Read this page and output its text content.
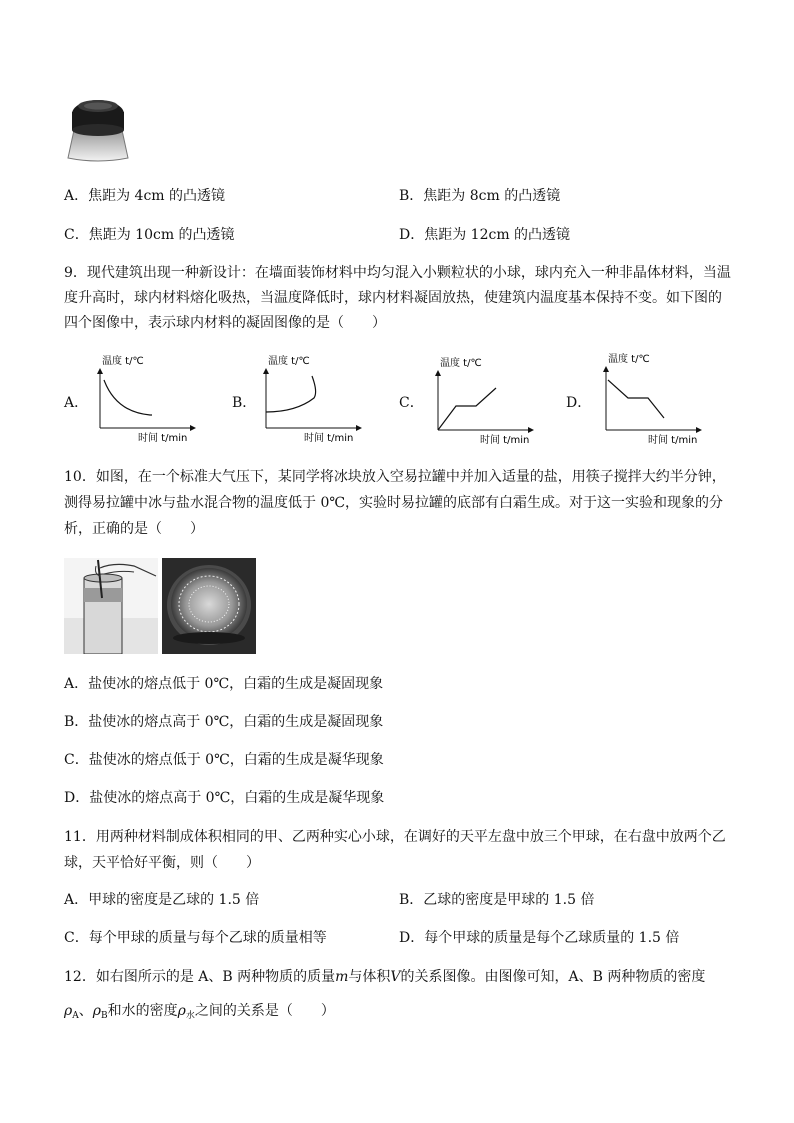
A．焦距为 4cm 的凸透镜	B．焦距为 8cm 的凸透镜
C．焦距为 10cm 的凸透镜	D．焦距为 12cm 的凸透镜
9．现代建筑出现一种新设计：在墙面装饰材料中均匀混入小颗粒状的小球，球内充入一种非晶体材料，当温
度升高时，球内材料熔化吸热，当温度降低时，球内材料凝固放热，使建筑内温度基本保持不变。如下图的
四个图像中，表示球内材料的凝固图像的是（　　）
A．
温度 t/℃
时间 t/min
B．
温度 t/℃
时间 t/min
C．
温度 t/℃
时间 t/min
D．
温度 t/℃
时间 t/min
10．如图，在一个标准大气压下，某同学将冰块放入空易拉罐中并加入适量的盐，用筷子搅拌大约半分钟，
测得易拉罐中冰与盐水混合物的温度低于 0℃，实验时易拉罐的底部有白霜生成。对于这一实验和现象的分
析，正确的是（　　）
A．盐使冰的熔点低于 0℃，白霜的生成是凝固现象
B．盐使冰的熔点高于 0℃，白霜的生成是凝固现象
C．盐使冰的熔点低于 0℃，白霜的生成是凝华现象
D．盐使冰的熔点高于 0℃，白霜的生成是凝华现象
11．用两种材料制成体积相同的甲、乙两种实心小球，在调好的天平左盘中放三个甲球，在右盘中放两个乙
球，天平恰好平衡，则（　　）
A．甲球的密度是乙球的 1.5 倍	B．乙球的密度是甲球的 1.5 倍
C．每个甲球的质量与每个乙球的质量相等	D．每个甲球的质量是每个乙球质量的 1.5 倍
12．如右图所示的是 A、B 两种物质的质量m与体积V的关系图像。由图像可知，A、B 两种物质的密度
$\rho_A$、$\rho_B$和水的密度$\rho_水$之间的关系是（　　）
